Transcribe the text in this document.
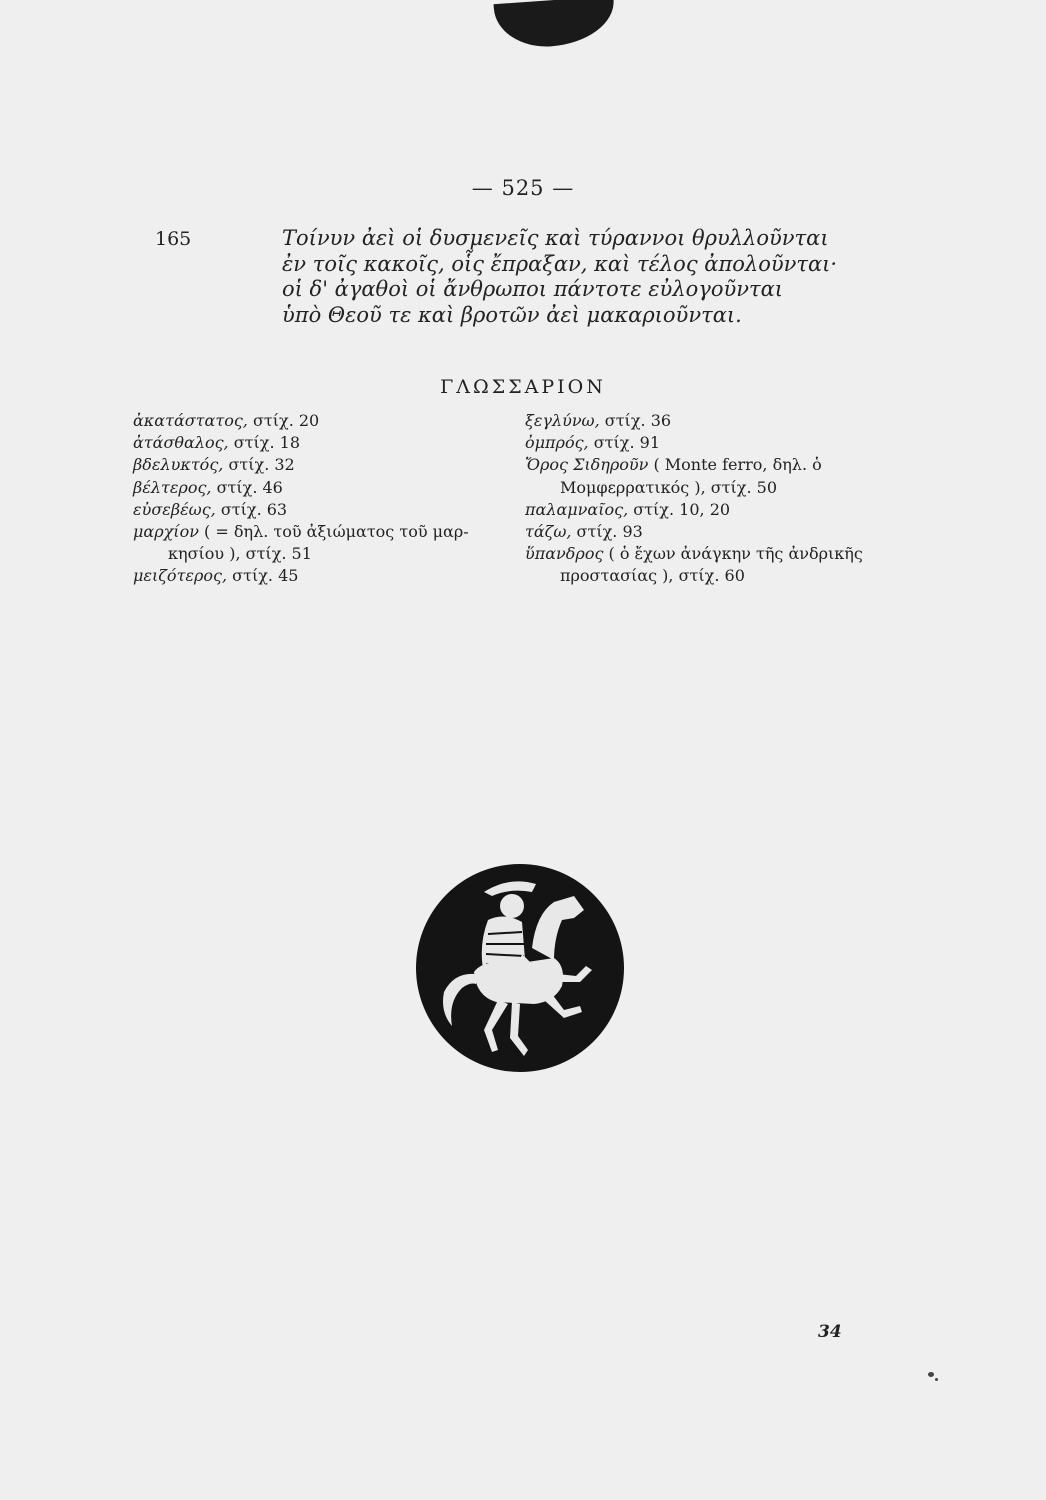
— 525 —
165	Τοίνυν ἀεὶ οἱ δυσμενεῖς καὶ τύραννοι θρυλλοῦνται
ἐν τοῖς κακοῖς, οἷς ἔπραξαν, καὶ τέλος ἀπολοῦνται·
οἱ δ' ἀγαθοὶ οἱ ἄνθρωποι πάντοτε εὐλογοῦνται
ὑπὸ Θεοῦ τε καὶ βροτῶν ἀεὶ μακαριοῦνται.
ΓΛΩΣΣΑΡΙΟΝ
ἀκατάστατος, στίχ. 20
ἀτάσθαλος, στίχ. 18
βδελυκτός, στίχ. 32
βέλτερος, στίχ. 46
εὐσεβέως, στίχ. 63
μαρχίον ( = δηλ. τοῦ ἀξιώματος τοῦ μαρ-
κησίου ), στίχ. 51
μειζότερος, στίχ. 45
ξεγλύνω, στίχ. 36
ὀμπρός, στίχ. 91
Ὄρος Σιδηροῦν ( Monte ferro, δηλ. ὁ
Μομφερρατικός ), στίχ. 50
παλαμναῖος, στίχ. 10, 20
τάζω, στίχ. 93
ὕπανδρος ( ὁ ἔχων ἀνάγκην τῆς ἀνδρικῆς
προστασίας ), στίχ. 60
34
